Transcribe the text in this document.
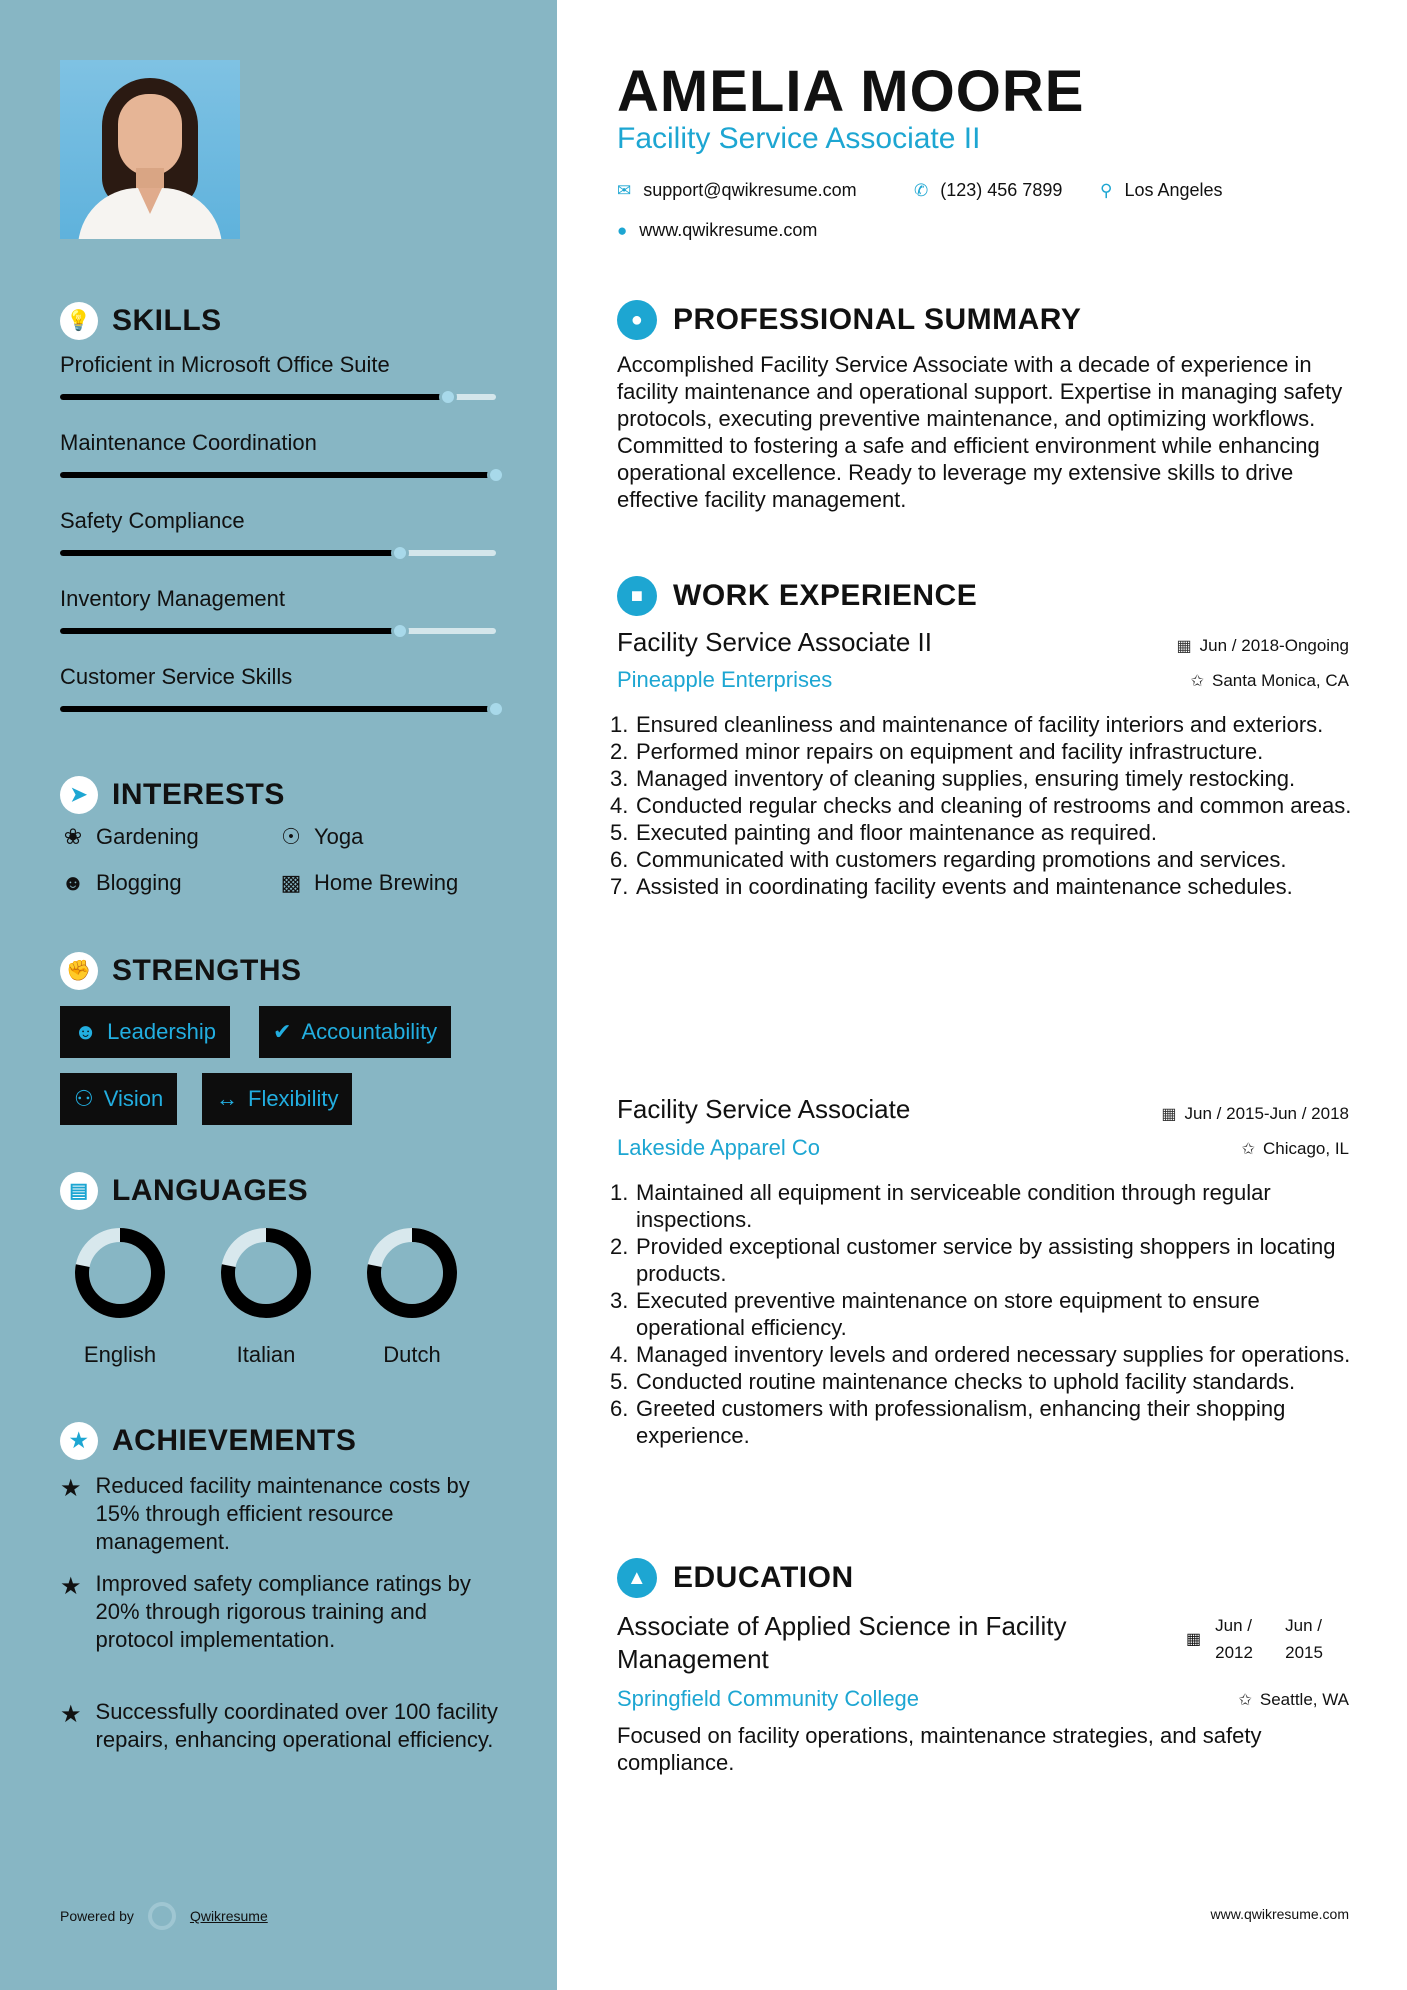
💡 SKILLS
Proficient in Microsoft Office Suite
Maintenance Coordination
Safety Compliance
Inventory Management
Customer Service Skills
➤ INTERESTS
❀ Gardening	☉ Yoga
☻ Blogging	▩ Home Brewing
✊ STRENGTHS
☻ Leadership	✔ Accountability
⚇ Vision ↔ Flexibility
▤ LANGUAGES
English	Italian	Dutch
★ ACHIEVEMENTS
★ Reduced facility maintenance costs by 15% through efficient resource management.
★ Improved safety compliance ratings by 20% through rigorous training and protocol implementation.
★ Successfully coordinated over 100 facility repairs, enhancing operational efficiency.
Powered by	Qwikresume
AMELIA MOORE
Facility Service Associate II
✉ support@qwikresume.com	✆ (123) 456 7899 ⚲ Los Angeles
● www.qwikresume.com
● PROFESSIONAL SUMMARY
Accomplished Facility Service Associate with a decade of experience in facility maintenance and operational support. Expertise in managing safety protocols, executing preventive maintenance, and optimizing workflows. Committed to fostering a safe and efficient environment while enhancing operational excellence. Ready to leverage my extensive skills to drive effective facility management.
■ WORK EXPERIENCE
Facility Service Associate II	▦ Jun / 2018-Ongoing
Pineapple Enterprises	✩ Santa Monica, CA
1. Ensured cleanliness and maintenance of facility interiors and exteriors.
2. Performed minor repairs on equipment and facility infrastructure.
3. Managed inventory of cleaning supplies, ensuring timely restocking.
4. Conducted regular checks and cleaning of restrooms and common areas.
5. Executed painting and floor maintenance as required.
6. Communicated with customers regarding promotions and services.
7. Assisted in coordinating facility events and maintenance schedules.
Facility Service Associate	▦ Jun / 2015-Jun / 2018
Lakeside Apparel Co	✩ Chicago, IL
1. Maintained all equipment in serviceable condition through regular inspections.
2. Provided exceptional customer service by assisting shoppers in locating products.
3. Executed preventive maintenance on store equipment to ensure operational efficiency.
4. Managed inventory levels and ordered necessary supplies for operations.
5. Conducted routine maintenance checks to uphold facility standards.
6. Greeted customers with professionalism, enhancing their shopping experience.
▲ EDUCATION
Associate of Applied Science in Facility Management
▦
Jun / 2012
Jun / 2015
Springfield Community College	✩ Seattle, WA
Focused on facility operations, maintenance strategies, and safety compliance.
www.qwikresume.com
